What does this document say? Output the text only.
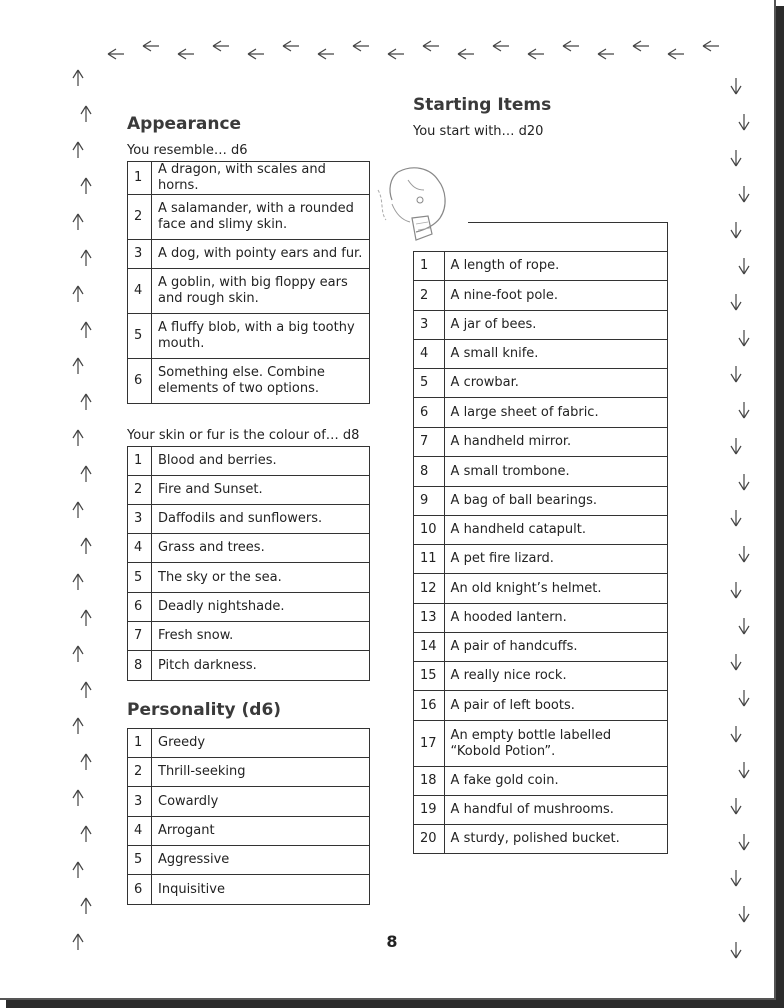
Appearance

You resemble… d6

1	A dragon, with scales and horns.
2	A salamander, with a rounded face and slimy skin.
3	A dog, with pointy ears and fur.
4	A goblin, with big floppy ears and rough skin.
5	A fluffy blob, with a big toothy mouth.
6	Something else. Combine elements of two options.

Your skin or fur is the colour of… d8

1	Blood and berries.
2	Fire and Sunset.
3	Daffodils and sunflowers.
4	Grass and trees.
5	The sky or the sea.
6	Deadly nightshade.
7	Fresh snow.
8	Pitch darkness.
Personality (d6)
1	Greedy
2	Thrill-seeking
3	Cowardly
4	Arrogant
5	Aggressive
6	Inquisitive
Starting Items

You start with… d20

1	A length of rope.
2	A nine-foot pole.
3	A jar of bees.
4	A small knife.
5	A crowbar.
6	A large sheet of fabric.
7	A handheld mirror.
8	A small trombone.
9	A bag of ball bearings.
10	A handheld catapult.
11	A pet fire lizard.
12	An old knight’s helmet.
13	A hooded lantern.
14	A pair of handcuffs.
15	A really nice rock.
16	A pair of left boots.
17	An empty bottle labelled “Kobold Potion”.
18	A fake gold coin.
19	A handful of mushrooms.
20	A sturdy, polished bucket.
8
